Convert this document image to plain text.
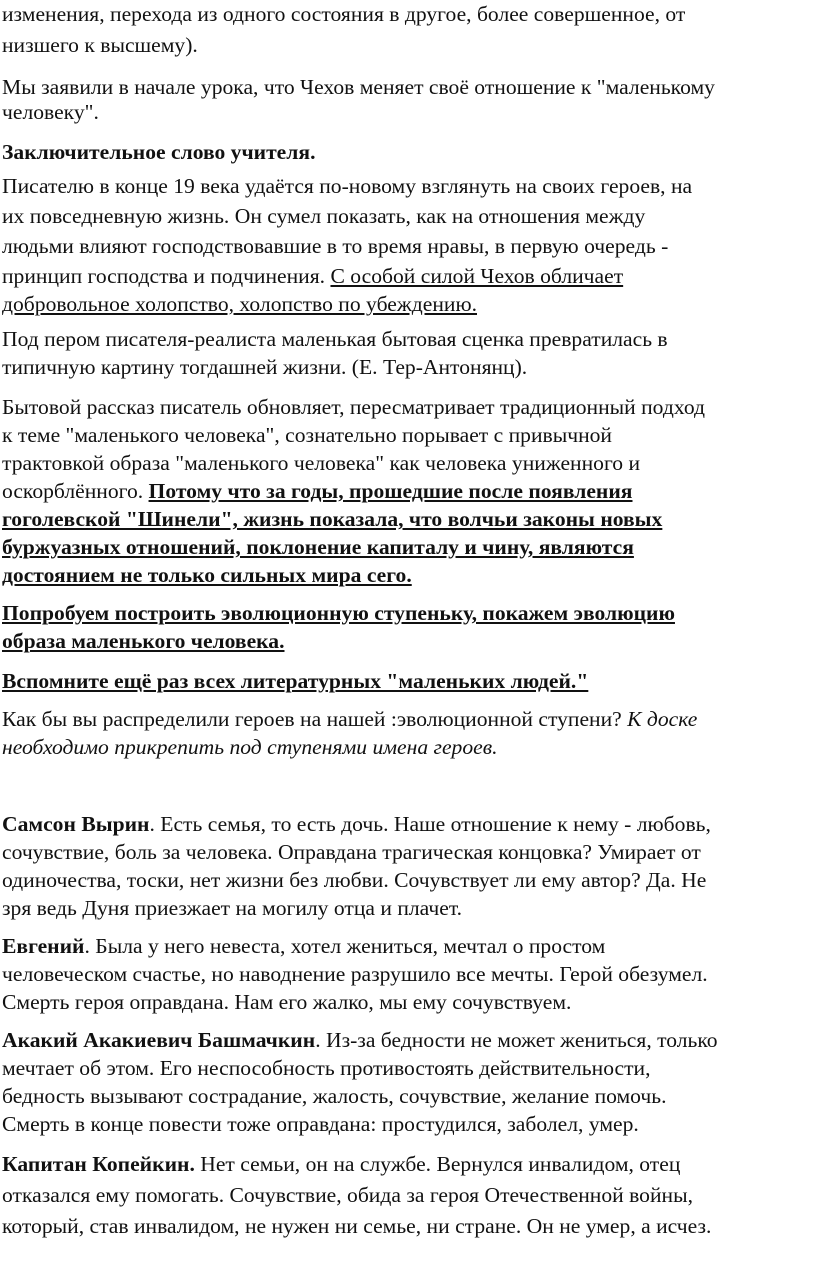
изменения, перехода из одного состояния в другое, более совершенное, от
низшего к высшему).
Мы заявили в начале урока, что Чехов меняет своё отношение к "маленькому
человеку".
Заключительное слово учителя.
Писателю в конце 19 века удаётся по-новому взглянуть на своих героев, на
их повседневную жизнь. Он сумел показать, как на отношения между
людьми влияют господствовавшие в то время нравы, в первую очередь -
принцип господства и подчинения. С особой силой Чехов обличает
добровольное холопство, холопство по убеждению.
Под пером писателя-реалиста маленькая бытовая сценка превратилась в
типичную картину тогдашней жизни. (Е. Тер-Антонянц).
Бытовой рассказ писатель обновляет, пересматривает традиционный подход
к теме "маленького человека", сознательно порывает с привычной
трактовкой образа "маленького человека" как человека униженного и
оскорблённого. Потому что за годы, прошедшие после появления
гоголевской "Шинели", жизнь показала, что волчьи законы новых
буржуазных отношений, поклонение капиталу и чину, являются
достоянием не только сильных мира сего.
Попробуем построить эволюционную ступеньку, покажем эволюцию
образа маленького человека.
Вспомните ещё раз всех литературных "маленьких людей."
Как бы вы распределили героев на нашей :эволюционной ступени? К доске
необходимо прикрепить под ступенями имена героев.
Самсон Вырин. Есть семья, то есть дочь. Наше отношение к нему - любовь,
сочувствие, боль за человека. Оправдана трагическая концовка? Умирает от
одиночества, тоски, нет жизни без любви. Сочувствует ли ему автор? Да. Не
зря ведь Дуня приезжает на могилу отца и плачет.
Евгений. Была у него невеста, хотел жениться, мечтал о простом
человеческом счастье, но наводнение разрушило все мечты. Герой обезумел.
Смерть героя оправдана. Нам его жалко, мы ему сочувствуем.
Акакий Акакиевич Башмачкин. Из-за бедности не может жениться, только
мечтает об этом. Его неспособность противостоять действительности,
бедность вызывают сострадание, жалость, сочувствие, желание помочь.
Смерть в конце повести тоже оправдана: простудился, заболел, умер.
Капитан Копейкин. Нет семьи, он на службе. Вернулся инвалидом, отец
отказался ему помогать. Сочувствие, обида за героя Отечественной войны,
который, став инвалидом, не нужен ни семье, ни стране. Он не умер, а исчез.
